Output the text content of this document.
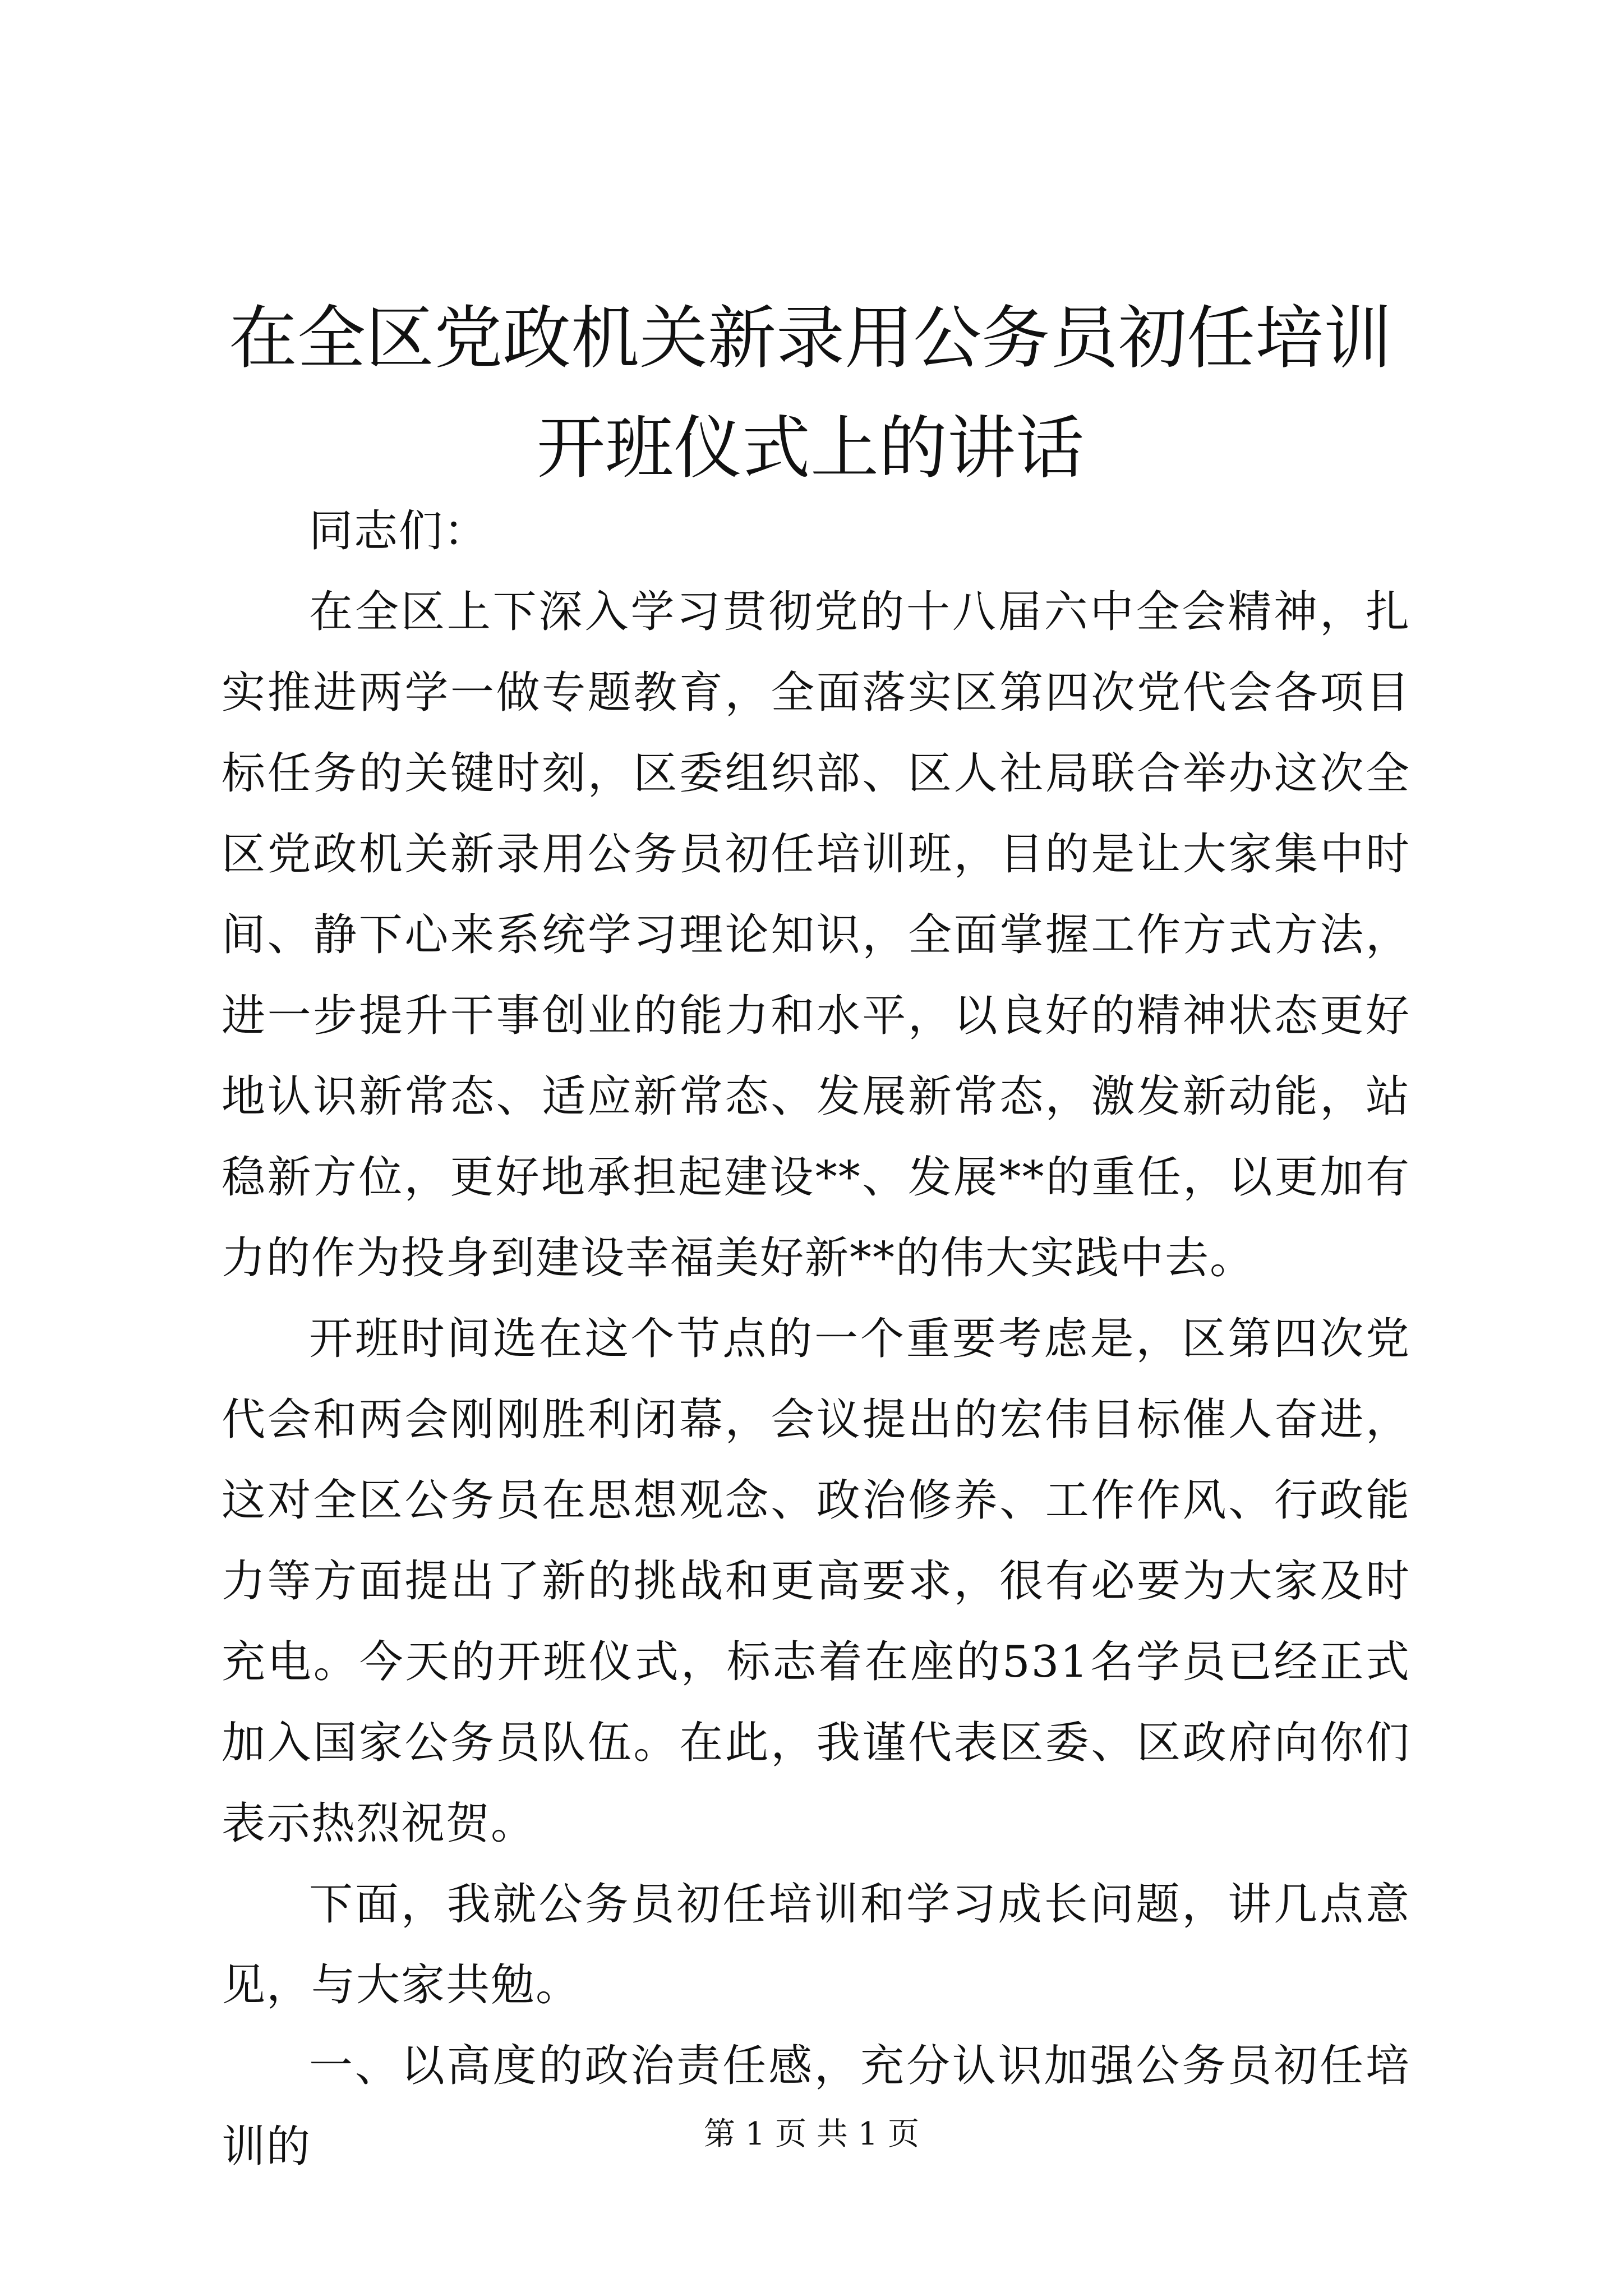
在全区党政机关新录用公务员初任培训开班仪式上的讲话

同志们：

在全区上下深入学习贯彻党的十八届六中全会精神，扎实推进两学一做专题教育，全面落实区第四次党代会各项目标任务的关键时刻，区委组织部、区人社局联合举办这次全区党政机关新录用公务员初任培训班，目的是让大家集中时间、静下心来系统学习理论知识，全面掌握工作方式方法，进一步提升干事创业的能力和水平，以良好的精神状态更好地认识新常态、适应新常态、发展新常态，激发新动能，站稳新方位，更好地承担起建设**、发展**的重任，以更加有力的作为投身到建设幸福美好新**的伟大实践中去。

开班时间选在这个节点的一个重要考虑是，区第四次党代会和两会刚刚胜利闭幕，会议提出的宏伟目标催人奋进，这对全区公务员在思想观念、政治修养、工作作风、行政能力等方面提出了新的挑战和更高要求，很有必要为大家及时充电。今天的开班仪式，标志着在座的531名学员已经正式加入国家公务员队伍。在此，我谨代表区委、区政府向你们表示热烈祝贺。

下面，我就公务员初任培训和学习成长问题，讲几点意见，与大家共勉。

一、以高度的政治责任感，充分认识加强公务员初任培训的	第 1 页 共 1 页
